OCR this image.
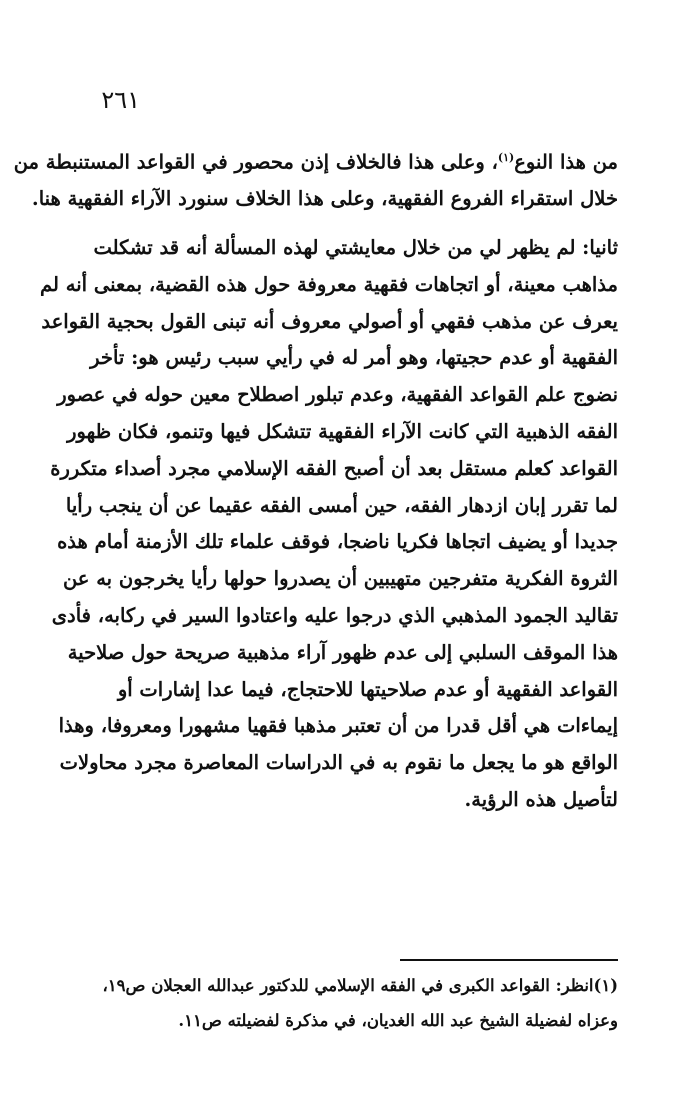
٢٦١
من هذا النوع$^{(١)}$، وعلى هذا فالخلاف إذن محصور في القواعد المستنبطة من
خلال استقراء الفروع الفقهية، وعلى هذا الخلاف سنورد الآراء الفقهية هنا.
ثانيا: لم يظهر لي من خلال معايشتي لهذه المسألة أنه قد تشكلت
مذاهب معينة، أو اتجاهات فقهية معروفة حول هذه القضية، بمعنى أنه لم
يعرف عن مذهب فقهي أو أصولي معروف أنه تبنى القول بحجية القواعد
الفقهية أو عدم حجيتها، وهو أمر له في رأيي سبب رئيس هو: تأخر
نضوج علم القواعد الفقهية، وعدم تبلور اصطلاح معين حوله في عصور
الفقه الذهبية التي كانت الآراء الفقهية تتشكل فيها وتنمو، فكان ظهور
القواعد كعلم مستقل بعد أن أصبح الفقه الإسلامي مجرد أصداء متكررة
لما تقرر إبان ازدهار الفقه، حين أمسى الفقه عقيما عن أن ينجب رأيا
جديدا أو يضيف اتجاها فكريا ناضجا، فوقف علماء تلك الأزمنة أمام هذه
الثروة الفكرية متفرجين متهيبين أن يصدروا حولها رأيا يخرجون به عن
تقاليد الجمود المذهبي الذي درجوا عليه واعتادوا السير في ركابه، فأدى
هذا الموقف السلبي إلى عدم ظهور آراء مذهبية صريحة حول صلاحية
القواعد الفقهية أو عدم صلاحيتها للاحتجاج، فيما عدا إشارات أو
إيماءات هي أقل قدرا من أن تعتبر مذهبا فقهيا مشهورا ومعروفا، وهذا
الواقع هو ما يجعل ما نقوم به في الدراسات المعاصرة مجرد محاولات
لتأصيل هذه الرؤية.
(١)انظر: القواعد الكبرى في الفقه الإسلامي للدكتور عبدالله العجلان ص١٩،
وعزاه لفضيلة الشيخ عبد الله الغديان، في مذكرة لفضيلته ص١١.
